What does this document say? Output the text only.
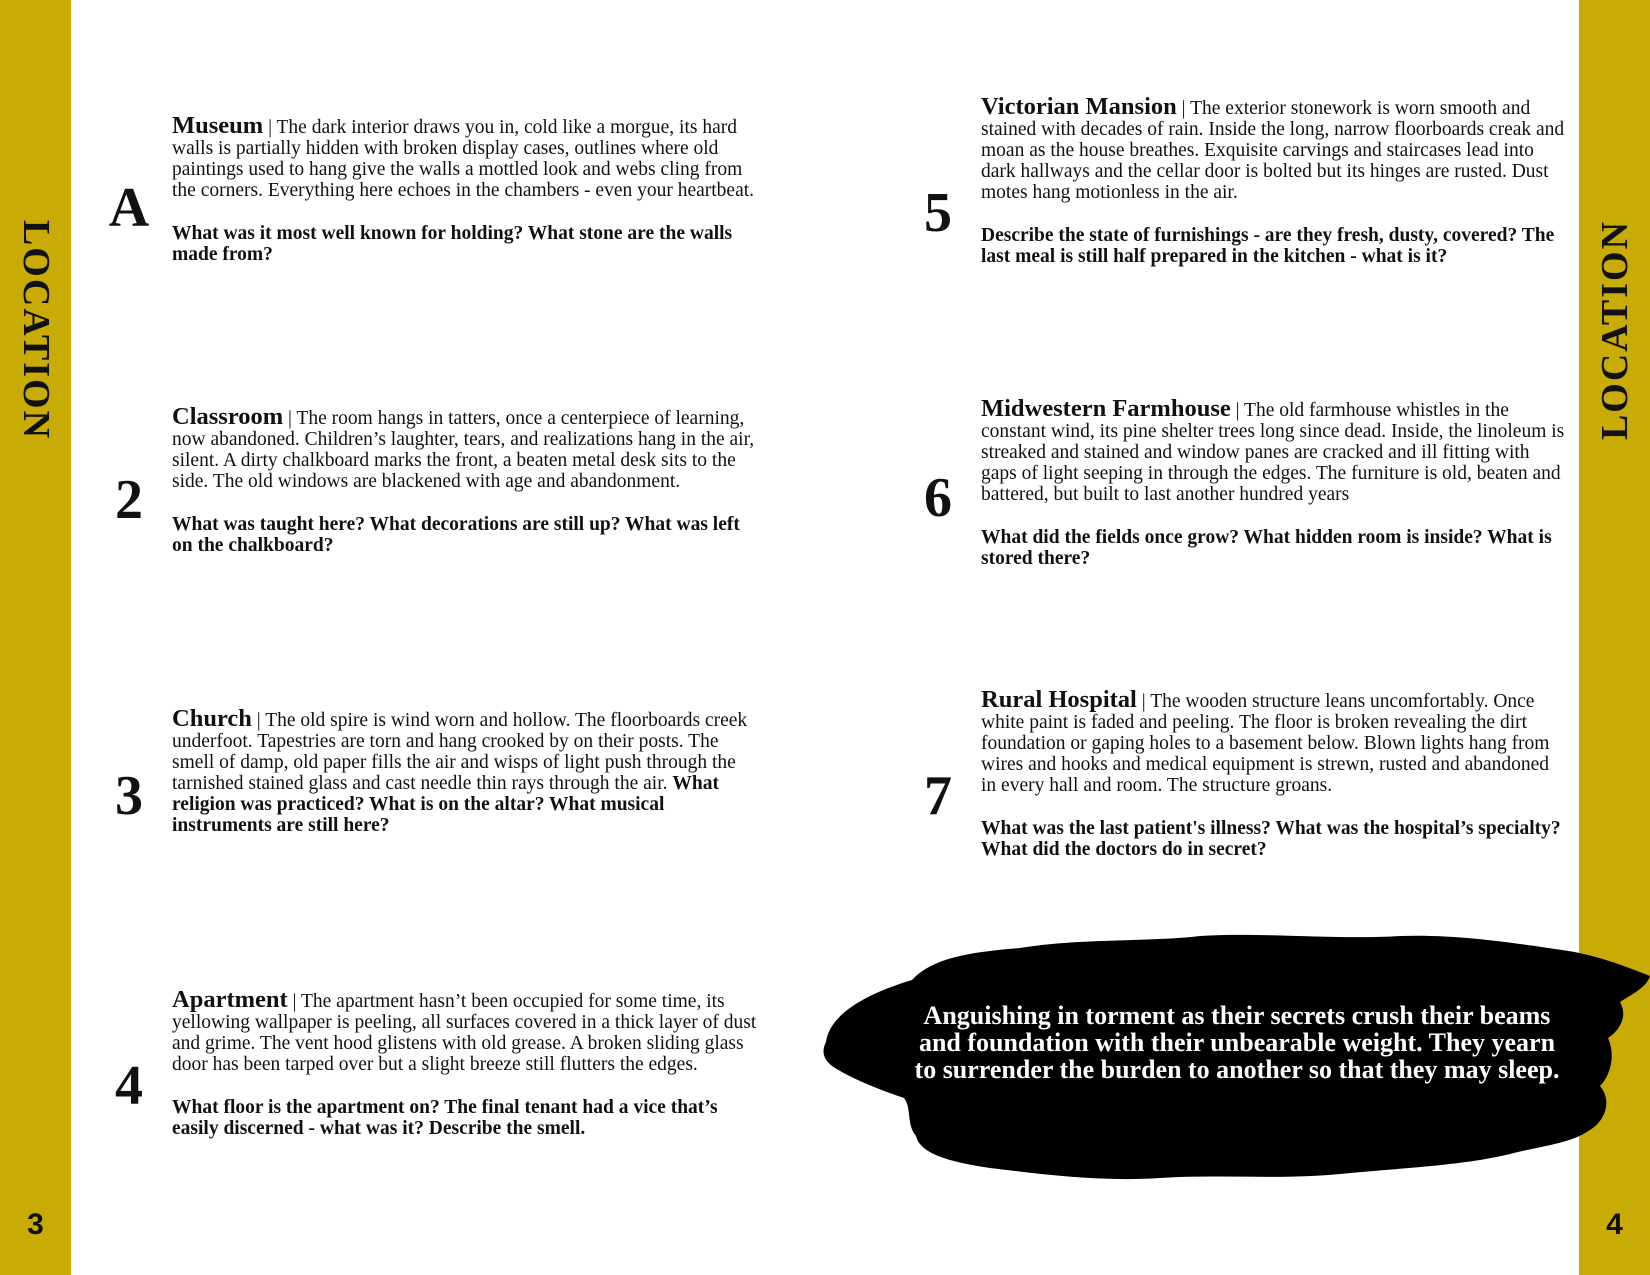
LOCATION
3
LOCATION
4
A

Museum | The dark interior draws you in, cold like a morgue, its hard walls is partially hidden with broken display cases, outlines where old paintings used to hang give the walls a mottled look and webs cling from the corners. Everything here echoes in the chambers - even your heartbeat.

What was it most well known for holding? What stone are the walls made from?

2

Classroom | The room hangs in tatters, once a centerpiece of learning, now abandoned. Children’s laughter, tears, and realizations hang in the air, silent. A dirty chalkboard marks the front, a beaten metal desk sits to the side. The old windows are blackened with age and abandonment.

What was taught here? What decorations are still up? What was left on the chalkboard?

3

Church | The old spire is wind worn and hollow. The floorboards creek underfoot. Tapestries are torn and hang crooked by on their posts. The smell of damp, old paper fills the air and wisps of light push through the tarnished stained glass and cast needle thin rays through the air. What religion was practiced? What is on the altar? What musical instruments are still here?

4

Apartment | The apartment hasn’t been occupied for some time, its yellowing wallpaper is peeling, all surfaces covered in a thick layer of dust and grime. The vent hood glistens with old grease. A broken sliding glass door has been tarped over but a slight breeze still flutters the edges.

What floor is the apartment on? The final tenant had a vice that’s easily discerned - what was it? Describe the smell.

5

Victorian Mansion | The exterior stonework is worn smooth and stained with decades of rain. Inside the long, narrow floorboards creak and moan as the house breathes. Exquisite carvings and staircases lead into dark hallways and the cellar door is bolted but its hinges are rusted. Dust motes hang motionless in the air.

Describe the state of furnishings - are they fresh, dusty, covered? The last meal is still half prepared in the kitchen - what is it?

6

Midwestern Farmhouse | The old farmhouse whistles in the constant wind, its pine shelter trees long since dead. Inside, the linoleum is streaked and stained and window panes are cracked and ill fitting with gaps of light seeping in through the edges. The furniture is old, beaten and battered, but built to last another hundred years

What did the fields once grow? What hidden room is inside? What is stored there?

7

Rural Hospital | The wooden structure leans uncomfortably. Once white paint is faded and peeling. The floor is broken revealing the dirt foundation or gaping holes to a basement below. Blown lights hang from wires and hooks and medical equipment is strewn, rusted and abandoned in every hall and room. The structure groans.

What was the last patient's illness? What was the hospital’s specialty? What did the doctors do in secret?

Anguishing in torment as their secrets crush their beams and foundation with their unbearable weight. They yearn to surrender the burden to another so that they may sleep.
